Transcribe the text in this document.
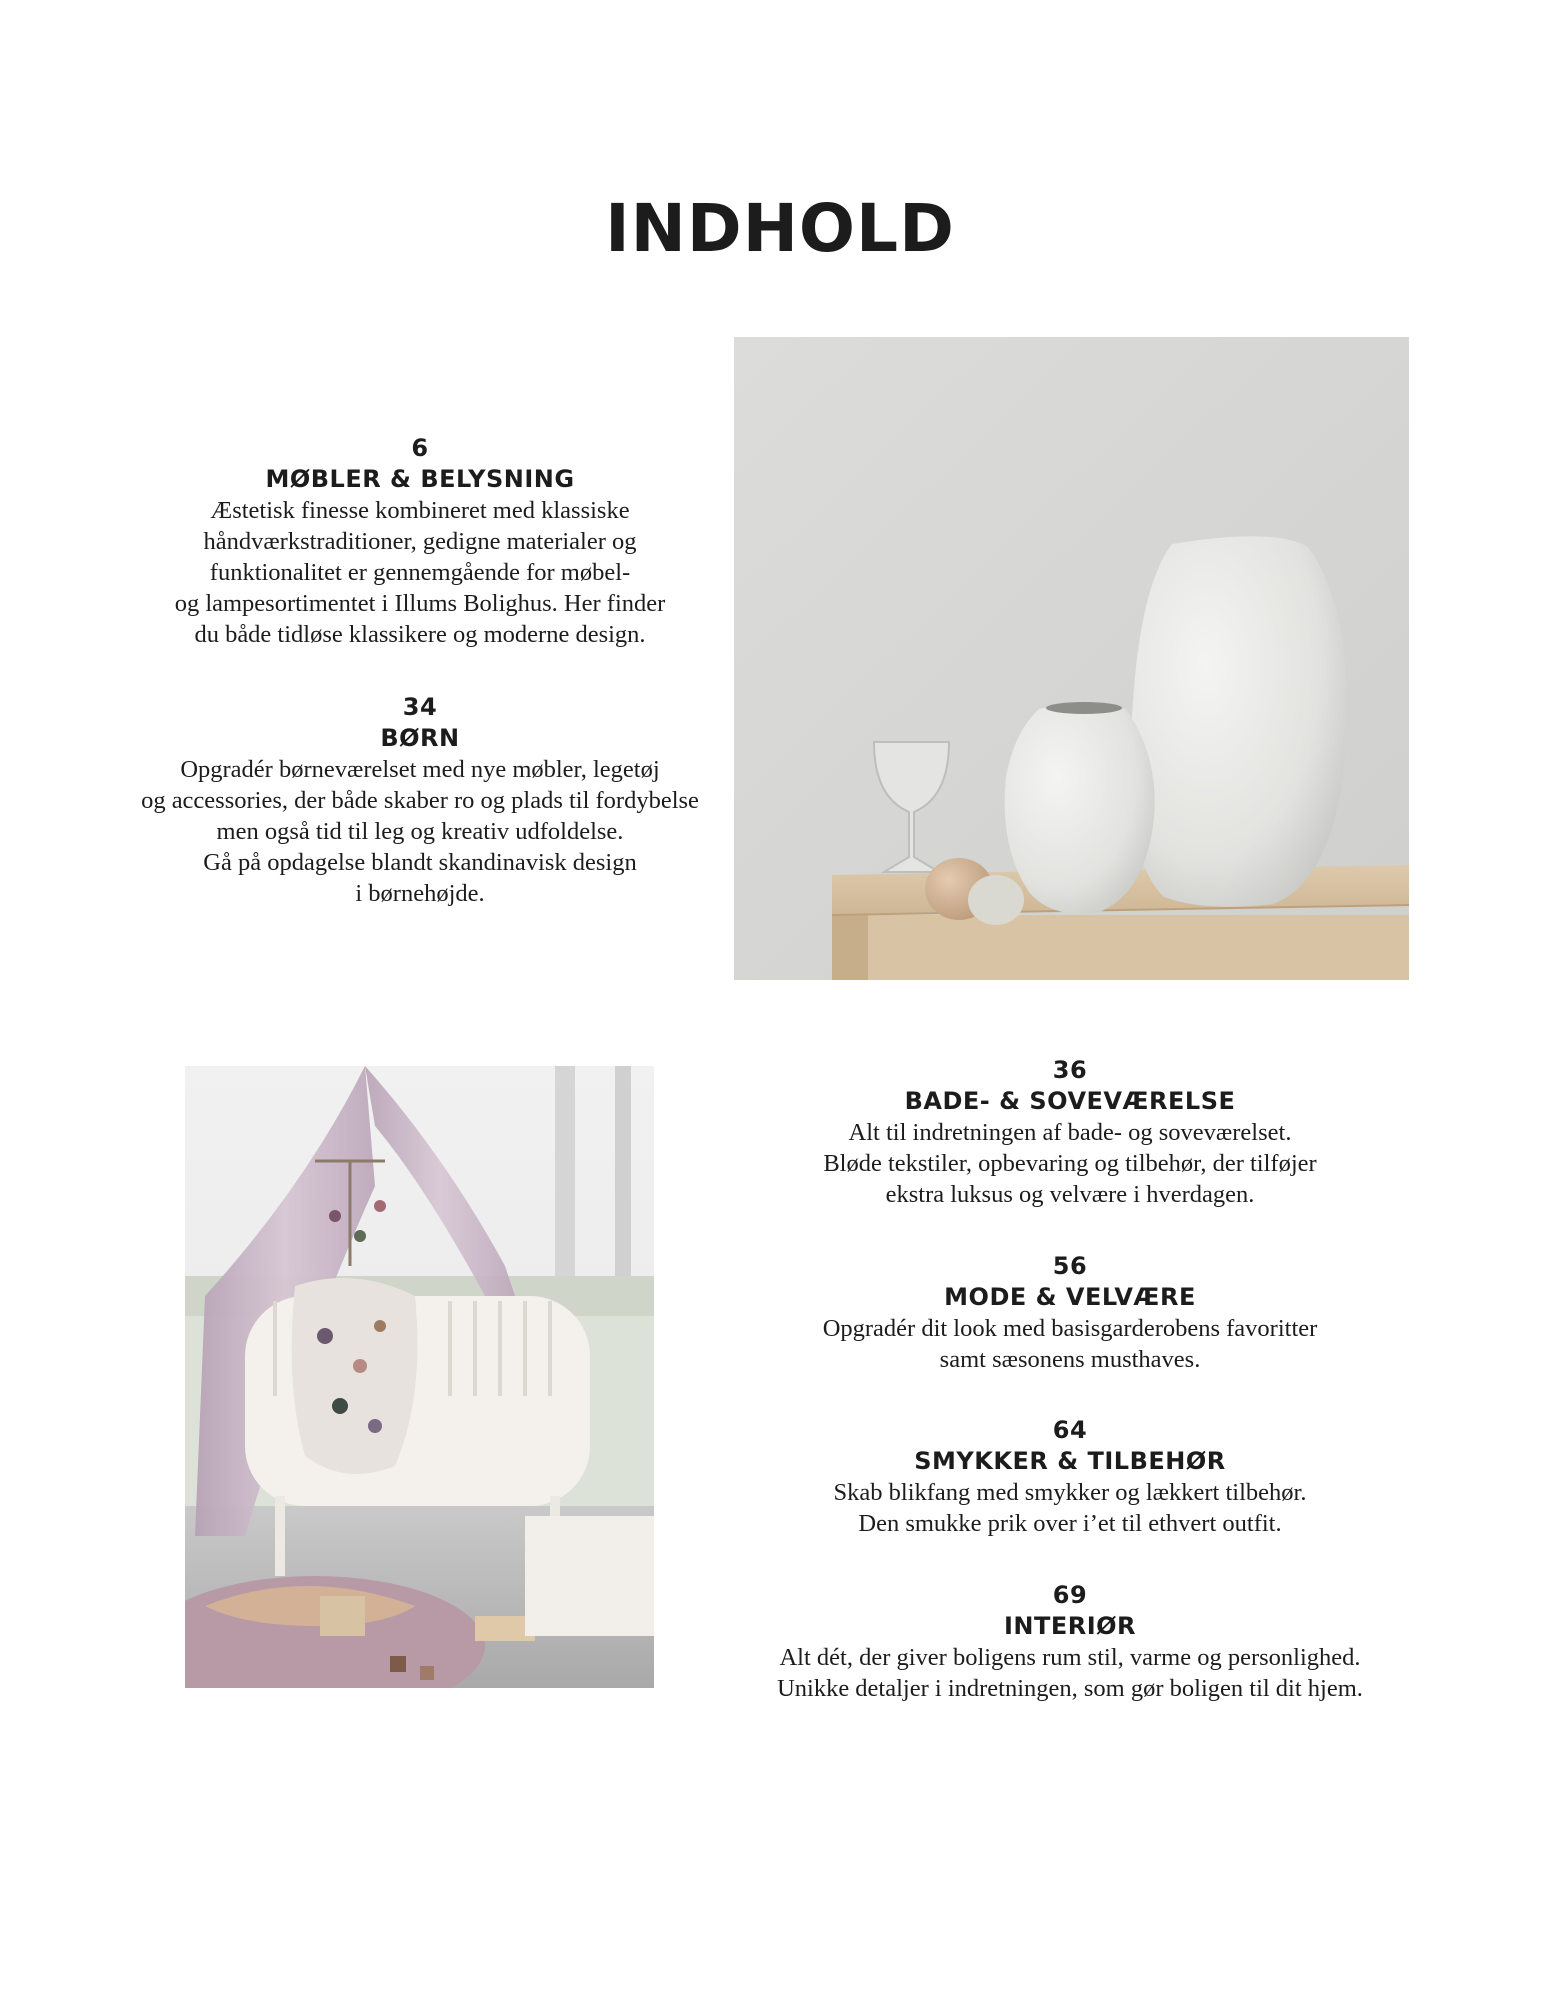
INDHOLD
6
MØBLER & BELYSNING

Æstetisk finesse kombineret med klassiske
håndværkstraditioner, gedigne materialer og
funktionalitet er gennemgående for møbel-
og lampesortimentet i Illums Bolighus. Her finder
du både tidløse klassikere og moderne design.

34
BØRN

Opgradér børneværelset med nye møbler, legetøj
og accessories, der både skaber ro og plads til fordybelse
men også tid til leg og kreativ udfoldelse.
Gå på opdagelse blandt skandinavisk design
i børnehøjde.

36
BADE- & SOVEVÆRELSE

Alt til indretningen af bade- og soveværelset.
Bløde tekstiler, opbevaring og tilbehør, der tilføjer
ekstra luksus og velvære i hverdagen.

56
MODE & VELVÆRE

Opgradér dit look med basisgarderobens favoritter
samt sæsonens musthaves.

64
SMYKKER & TILBEHØR

Skab blikfang med smykker og lækkert tilbehør.
Den smukke prik over i’et til ethvert outfit.

69
INTERIØR

Alt dét, der giver boligens rum stil, varme og personlighed.
Unikke detaljer i indretningen, som gør boligen til dit hjem.
